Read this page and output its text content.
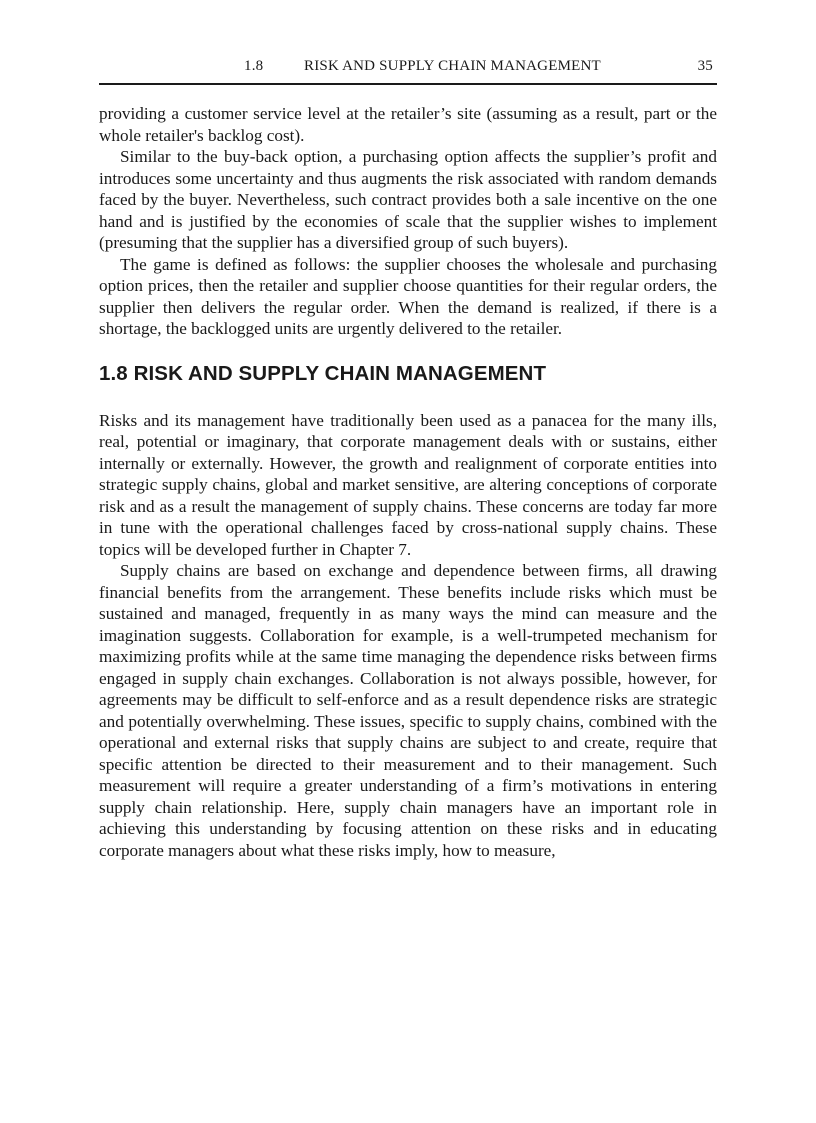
1.8	RISK AND SUPPLY CHAIN MANAGEMENT	35

providing a customer service level at the retailer’s site (assuming as a result, part or the whole retailer's backlog cost).

Similar to the buy-back option, a purchasing option affects the supplier’s profit and introduces some uncertainty and thus augments the risk associated with random demands faced by the buyer. Nevertheless, such contract provides both a sale incentive on the one hand and is justified by the economies of scale that the supplier wishes to implement (presuming that the supplier has a diversified group of such buyers).

The game is defined as follows: the supplier chooses the wholesale and purchasing option prices, then the retailer and supplier choose quantities for their regular orders, the supplier then delivers the regular order. When the demand is realized, if there is a shortage, the backlogged units are urgently delivered to the retailer.

1.8 RISK AND SUPPLY CHAIN MANAGEMENT

Risks and its management have traditionally been used as a panacea for the many ills, real, potential or imaginary, that corporate management deals with or sustains, either internally or externally. However, the growth and realignment of corporate entities into strategic supply chains, global and market sensitive, are altering conceptions of corporate risk and as a result the management of supply chains. These concerns are today far more in tune with the operational challenges faced by cross-national supply chains. These topics will be developed further in Chapter 7.

Supply chains are based on exchange and dependence between firms, all drawing financial benefits from the arrangement. These benefits include risks which must be sustained and managed, frequently in as many ways the mind can measure and the imagination suggests. Collaboration for example, is a well-trumpeted mechanism for maximizing profits while at the same time managing the dependence risks between firms engaged in supply chain exchanges. Collaboration is not always possible, however, for agreements may be difficult to self-enforce and as a result dependence risks are strategic and potentially overwhelming. These issues, specific to supply chains, combined with the operational and external risks that supply chains are subject to and create, require that specific attention be directed to their measurement and to their management. Such measurement will require a greater understanding of a firm’s motivations in entering supply chain relationship. Here, supply chain managers have an important role in achieving this understanding by focusing attention on these risks and in educating corporate managers about what these risks imply, how to measure,
